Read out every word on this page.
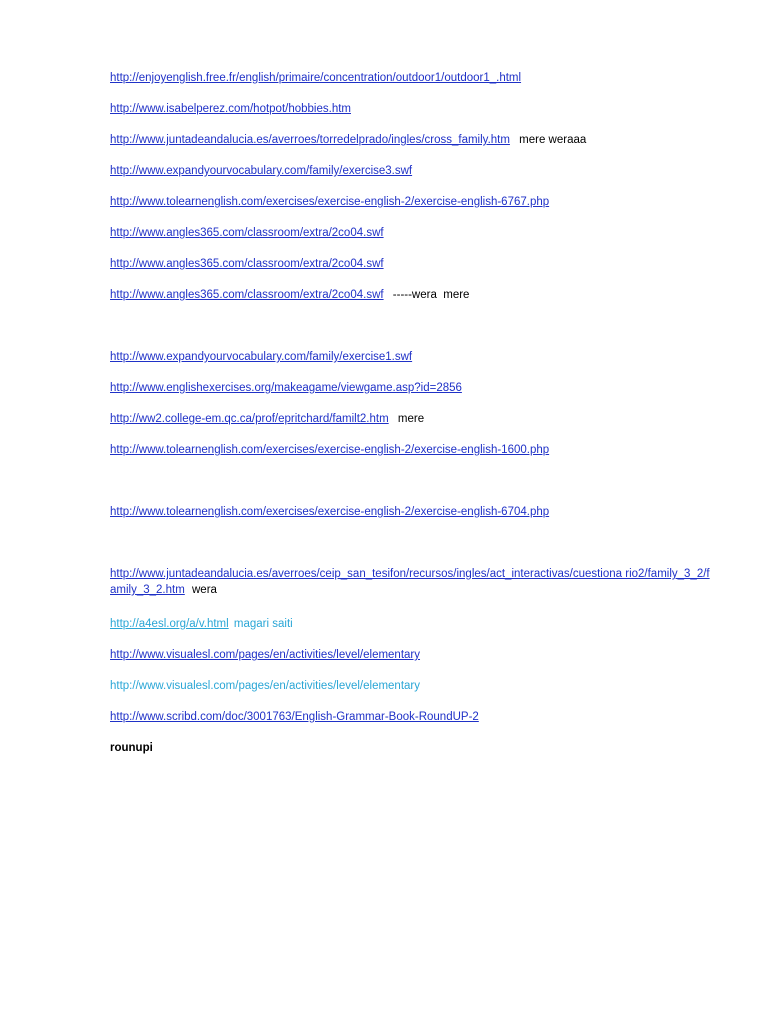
http://enjoyenglish.free.fr/english/primaire/concentration/outdoor1/outdoor1_.html
http://www.isabelperez.com/hotpot/hobbies.htm
http://www.juntadeandalucia.es/averroes/torredelprado/ingles/cross_family.htm mere weraaa
http://www.expandyourvocabulary.com/family/exercise3.swf
http://www.tolearnenglish.com/exercises/exercise-english-2/exercise-english-6767.php
http://www.angles365.com/classroom/extra/2co04.swf
http://www.angles365.com/classroom/extra/2co04.swf
http://www.angles365.com/classroom/extra/2co04.swf -----wera  mere
http://www.expandyourvocabulary.com/family/exercise1.swf
http://www.englishexercises.org/makeagame/viewgame.asp?id=2856
http://ww2.college-em.qc.ca/prof/epritchard/familt2.htm mere
http://www.tolearnenglish.com/exercises/exercise-english-2/exercise-english-1600.php
http://www.tolearnenglish.com/exercises/exercise-english-2/exercise-english-6704.php
http://www.juntadeandalucia.es/averroes/ceip_san_tesifon/recursos/ingles/act_interactivas/cuestiona rio2/family_3_2/family_3_2.htm wera
http://a4esl.org/a/v.html magari saiti
http://www.visualesl.com/pages/en/activities/level/elementary
http://www.visualesl.com/pages/en/activities/level/elementary
http://www.scribd.com/doc/3001763/English-Grammar-Book-RoundUP-2
rounupi
